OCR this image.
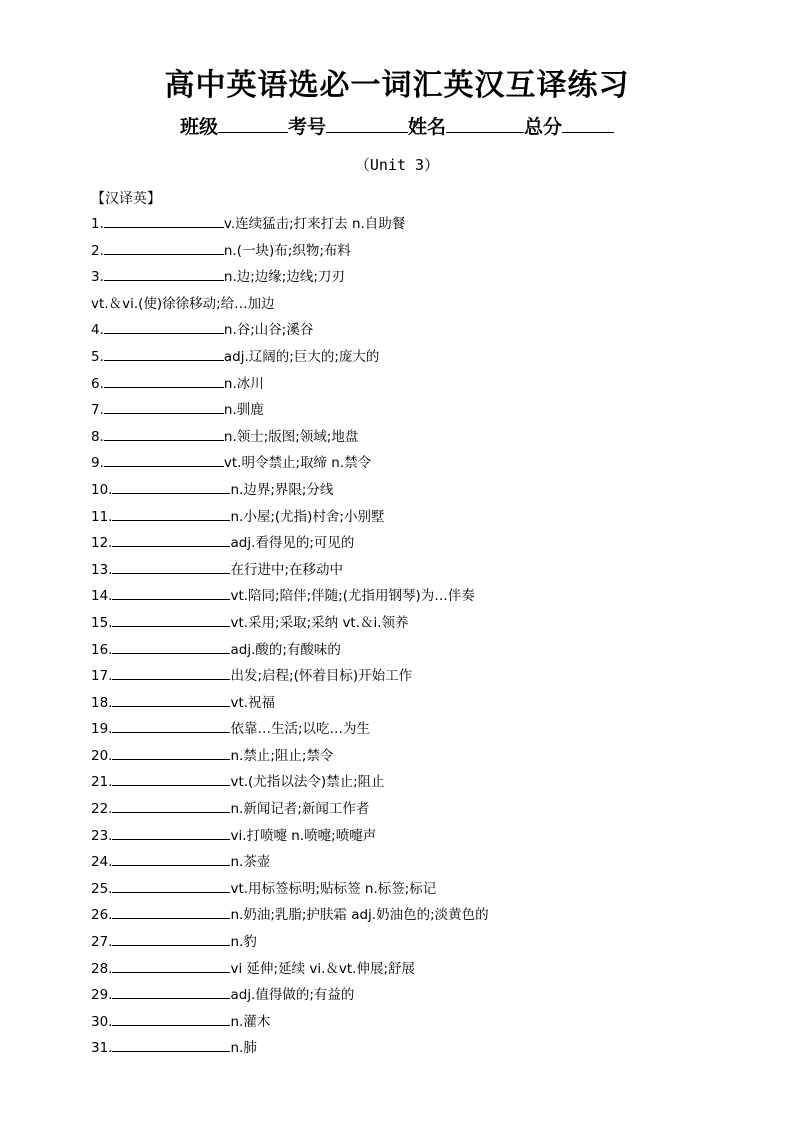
高中英语选必一词汇英汉互译练习
班级	考号	姓名	总分
（Unit 3）
【汉译英】
1.	v.连续猛击;打来打去 n.自助餐
2.	n.(一块)布;织物;布料
3.	n.边;边缘;边线;刀刃
vt.＆vi.(使)徐徐移动;给…加边
4.	n.谷;山谷;溪谷
5.	adj.辽阔的;巨大的;庞大的
6.	n.冰川
7.	n.驯鹿
8.	n.领士;版图;领域;地盘
9.	vt.明令禁止;取缔 n.禁令
10.	n.边界;界限;分线
11.	n.小屋;(尤指)村舍;小别墅
12.	adj.看得见的;可见的
13.	在行进中;在移动中
14.	vt.陪同;陪伴;伴随;(尤指用钢琴)为…伴奏
15.	vt.采用;采取;采纳 vt.＆i.领养
16.	adj.酸的;有酸味的
17.	出发;启程;(怀着目标)开始工作
18.	vt.祝福
19.	依靠…生活;以吃…为生
20.	n.禁止;阻止;禁令
21.	vt.(尤指以法令)禁止;阻止
22.	n.新闻记者;新闻工作者
23.	vi.打喷嚏 n.喷嚏;喷嚏声
24.	n.茶壶
25.	vt.用标签标明;贴标签 n.标签;标记
26.	n.奶油;乳脂;护肤霜 adj.奶油色的;淡黄色的
27.	n.豹
28.	vi 延伸;延续 vi.＆vt.伸展;舒展
29.	adj.值得做的;有益的
30.	n.灌木
31.	n.肺
